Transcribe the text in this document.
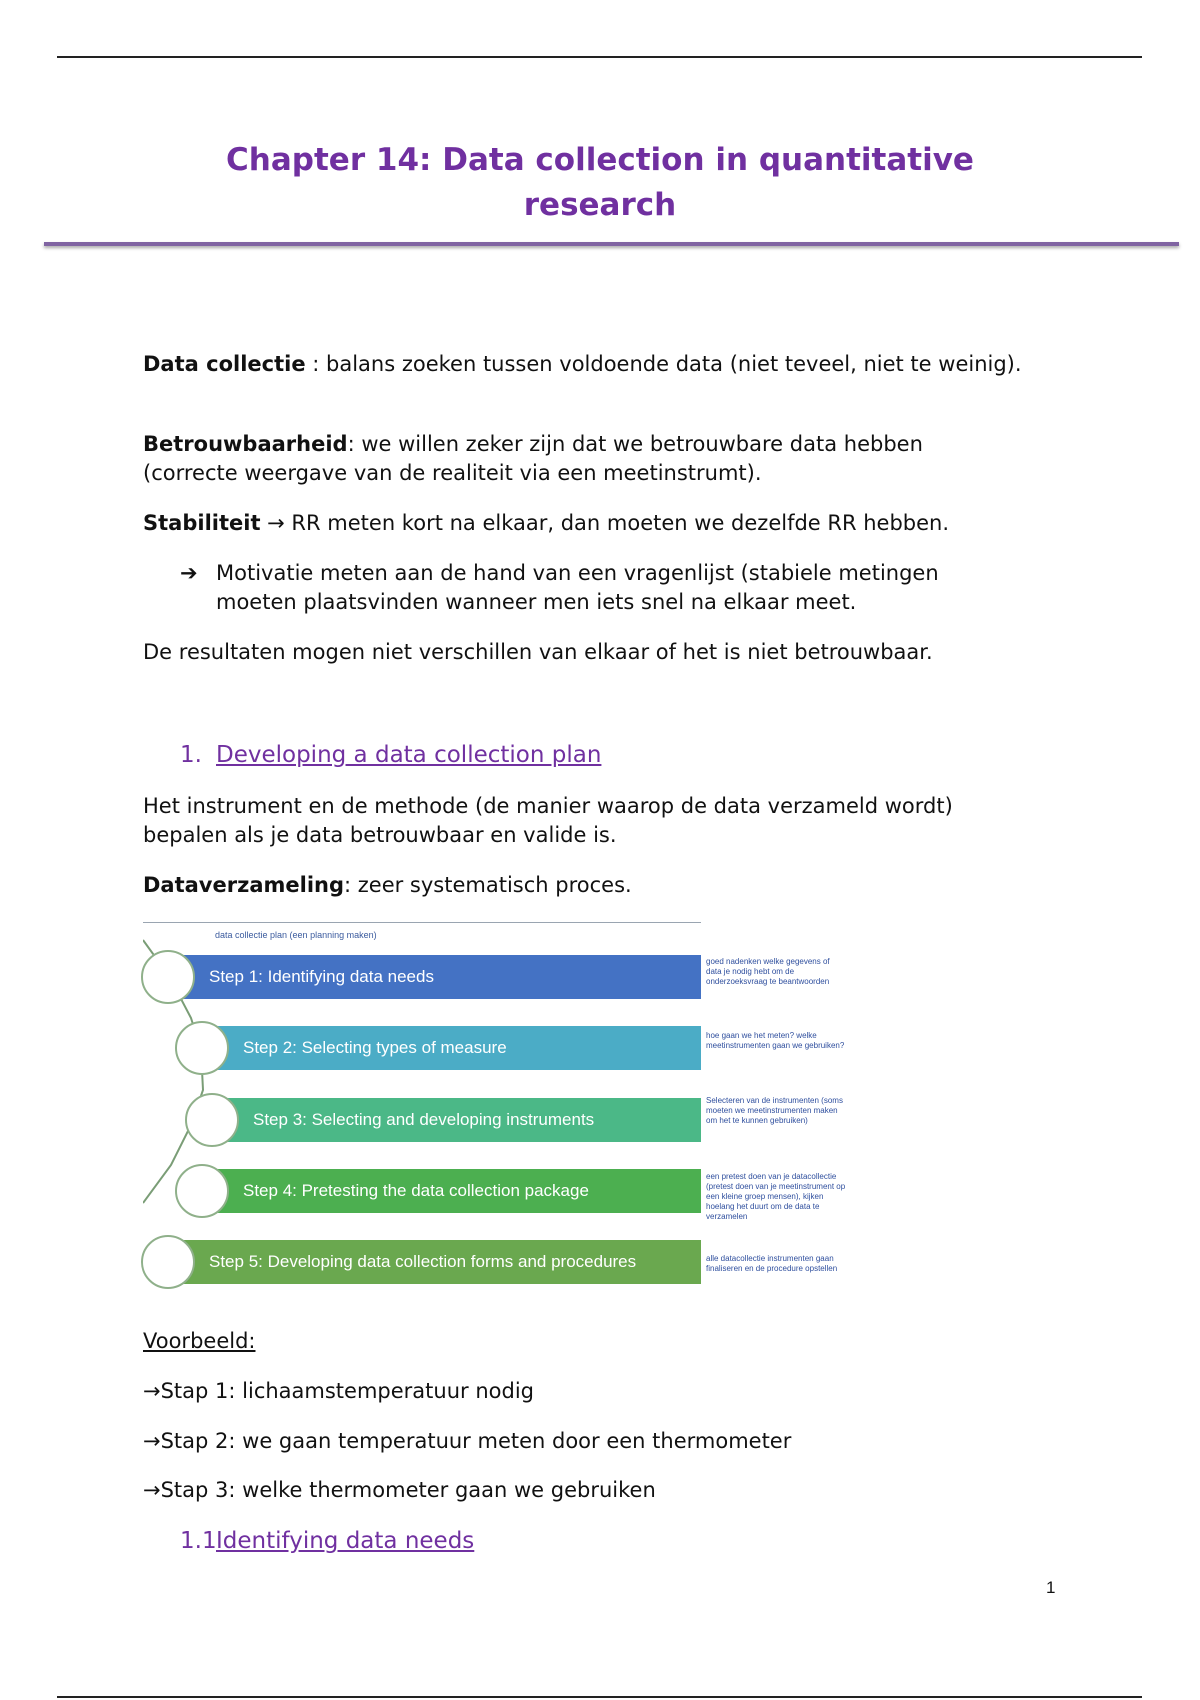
Chapter 14: Data collection in quantitative research
Data collectie : balans zoeken tussen voldoende data (niet teveel, niet te weinig).
Betrouwbaarheid: we willen zeker zijn dat we betrouwbare data hebben (correcte weergave van de realiteit via een meetinstrumt).
Stabiliteit → RR meten kort na elkaar, dan moeten we dezelfde RR hebben.
➔ Motivatie meten aan de hand van een vragenlijst (stabiele metingen moeten plaatsvinden wanneer men iets snel na elkaar meet.
De resultaten mogen niet verschillen van elkaar of het is niet betrouwbaar.
1. Developing a data collection plan
Het instrument en de methode (de manier waarop de data verzameld wordt) bepalen als je data betrouwbaar en valide is.
Dataverzameling: zeer systematisch proces.
data collectie plan (een planning maken)
Step 1: Identifying data needs
Step 2: Selecting types of measure
Step 3: Selecting and developing instruments
Step 4: Pretesting the data collection package
Step 5: Developing data collection forms and procedures
goed nadenken welke gegevens of data je nodig hebt om de onderzoeksvraag te beantwoorden
hoe gaan we het meten? welke meetinstrumenten gaan we gebruiken?
Selecteren van de instrumenten (soms moeten we meetinstrumenten maken om het te kunnen gebruiken)
een pretest doen van je datacollectie (pretest doen van je meetinstrument op een kleine groep mensen), kijken hoelang het duurt om de data te verzamelen
alle datacollectie instrumenten gaan finaliseren en de procedure opstellen
Voorbeeld:
→Stap 1: lichaamstemperatuur nodig
→Stap 2: we gaan temperatuur meten door een thermometer
→Stap 3: welke thermometer gaan we gebruiken
1.1 Identifying data needs
1
